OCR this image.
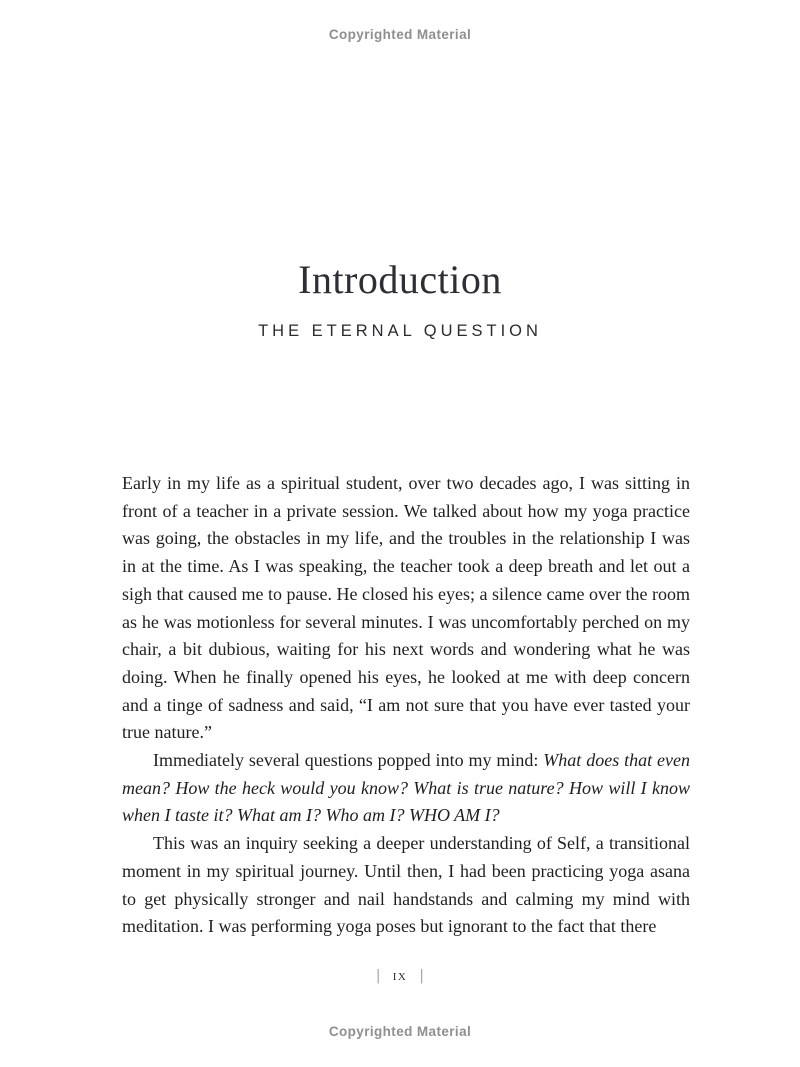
Copyrighted Material
Introduction
THE ETERNAL QUESTION

Early in my life as a spiritual student, over two decades ago, I was sitting in front of a teacher in a private session. We talked about how my yoga practice was going, the obstacles in my life, and the troubles in the relationship I was in at the time. As I was speaking, the teacher took a deep breath and let out a sigh that caused me to pause. He closed his eyes; a silence came over the room as he was motionless for several minutes. I was uncomfortably perched on my chair, a bit dubious, waiting for his next words and wondering what he was doing. When he finally opened his eyes, he looked at me with deep concern and a tinge of sadness and said, “I am not sure that you have ever tasted your true nature.”

Immediately several questions popped into my mind: What does that even mean? How the heck would you know? What is true nature? How will I know when I taste it? What am I? Who am I? WHO AM I?

This was an inquiry seeking a deeper understanding of Self, a transitional moment in my spiritual journey. Until then, I had been practicing yoga asana to get physically stronger and nail handstands and calming my mind with meditation. I was performing yoga poses but ignorant to the fact that there

| ix |
Copyrighted Material
